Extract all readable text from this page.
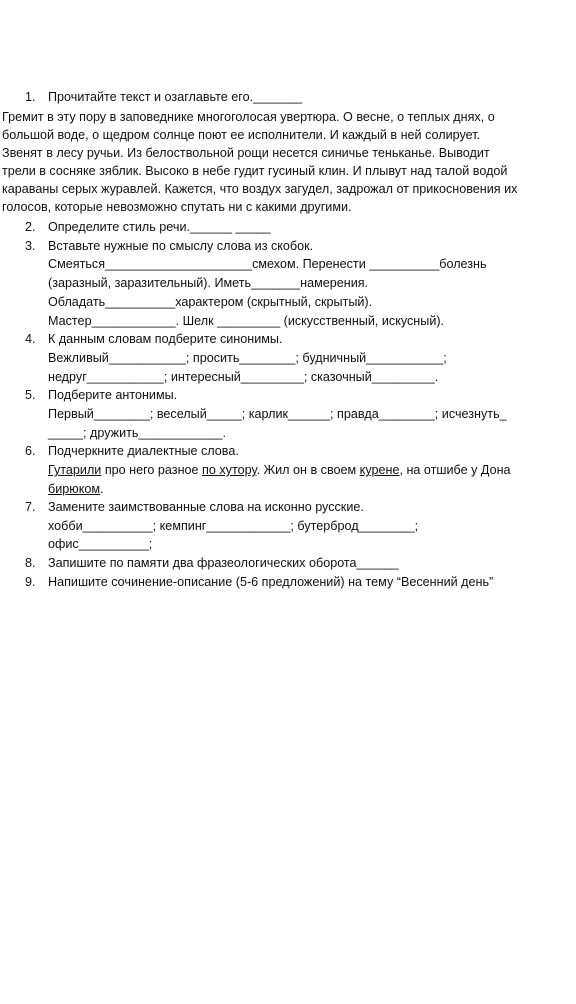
1. Прочитайте текст и озаглавьте его._______
Гремит в эту пору в заповеднике многоголосая увертюра. О весне, о теплых днях, о
большой воде, о щедром солнце поют ее исполнители. И каждый в ней солирует.
Звенят в лесу ручьи. Из белоствольной рощи несется синичье теньканье. Выводит
трели в сосняке зяблик. Высоко в небе гудит гусиный клин. И плывут над талой водой
караваны серых журавлей. Кажется, что воздух загудел, задрожал от прикосновения их
голосов, которые невозможно спутать ни с какими другими.
2. Определите стиль речи.______ _____
3. Вставьте нужные по смыслу слова из скобок.
Смеяться_____________________смехом. Перенести __________болезнь
(заразный, заразительный). Иметь_______намерения.
Обладать__________характером (скрытный, скрытый).
Мастер____________. Шелк _________ (искусственный, искусный).
4. К данным словам подберите синонимы.
Вежливый___________; просить________; будничный___________;
недруг___________; интересный_________; сказочный_________.
5. Подберите антонимы.
Первый________; веселый_____; карлик______; правда________; исчезнуть_
_____; дружить____________.
6. Подчеркните диалектные слова.
Гутарили про него разное по хутору. Жил он в своем курене, на отшибе у Дона
бирюком.
7. Замените заимствованные слова на исконно русские.
хобби__________; кемпинг____________; бутерброд________;
офис__________;
8. Запишите по памяти два фразеологических оборота______
9. Напишите сочинение-описание (5-6 предложений) на тему “Весенний день”
